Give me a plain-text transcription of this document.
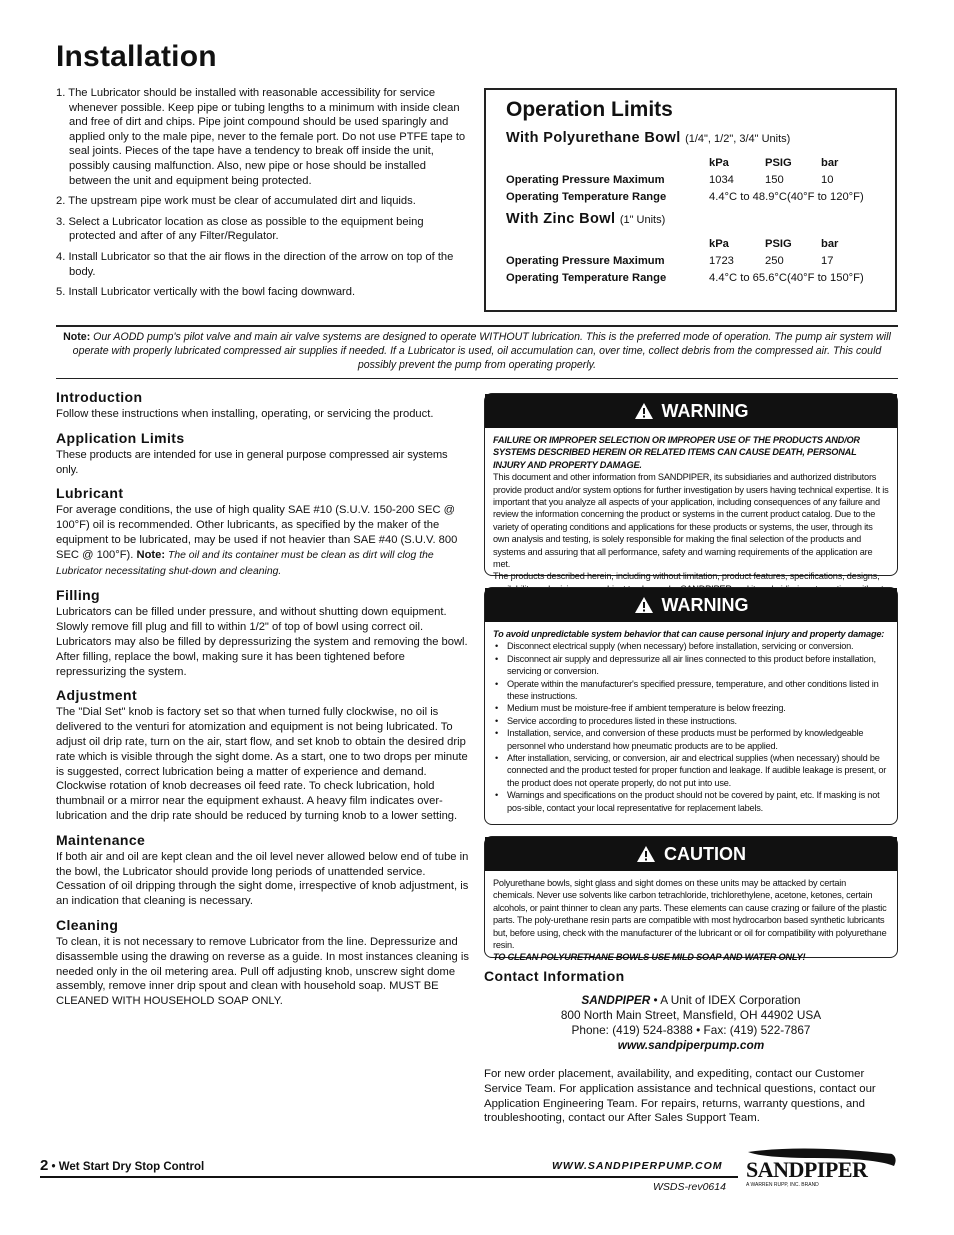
Installation
1. The Lubricator should be installed with reasonable accessibility for service whenever possible. Keep pipe or tubing lengths to a minimum with inside clean and free of dirt and chips. Pipe joint compound should be used sparingly and applied only to the male pipe, never to the female port. Do not use PTFE tape to seal joints. Pieces of the tape have a tendency to break off inside the unit, possibly causing malfunction. Also, new pipe or hose should be installed between the unit and equipment being protected.
2. The upstream pipe work must be clear of accumulated dirt and liquids.
3. Select a Lubricator location as close as possible to the equipment being protected and after of any Filter/Regulator.
4. Install Lubricator so that the air flows in the direction of the arrow on top of the body.
5. Install Lubricator vertically with the bowl facing downward.
Operation Limits
With Polyurethane Bowl (1/4", 1/2", 3/4" Units)
	kPa	PSIG	bar
Operating Pressure Maximum	1034	150	10
Operating Temperature Range	4.4°C to 48.9°C(40°F to 120°F)		
With Zinc Bowl (1" Units)
	kPa	PSIG	bar
Operating Pressure Maximum	1723	250	17
Operating Temperature Range	4.4°C to 65.6°C(40°F to 150°F)		

Note: Our AODD pump's pilot valve and main air valve systems are designed to operate WITHOUT lubrication. This is the preferred mode of operation. The pump air system will operate with properly lubricated compressed air supplies if needed. If a Lubricator is used, oil accumulation can, over time, collect debris from the compressed air. This could possibly prevent the pump from operating properly.

Introduction

Follow these instructions when installing, operating, or servicing the product.

Application Limits

These products are intended for use in general purpose compressed air systems only.

Lubricant

For average conditions, the use of high quality SAE #10 (S.U.V. 150-200 SEC @ 100°F) oil is recommended. Other lubricants, as specified by the maker of the equipment to be lubricated, may be used if not heavier than SAE #40 (S.U.V. 800 SEC @ 100°F). Note: The oil and its container must be clean as dirt will clog the Lubricator necessitating shut-down and cleaning.

Filling

Lubricators can be filled under pressure, and without shutting down equipment. Slowly remove fill plug and fill to within 1/2" of top of bowl using correct oil. Lubricators may also be filled by depressurizing the system and removing the bowl. After filling, replace the bowl, making sure it has been tightened before repressurizing the system.

Adjustment

The "Dial Set" knob is factory set so that when turned fully clockwise, no oil is delivered to the venturi for atomization and equipment is not being lubricated. To adjust oil drip rate, turn on the air, start flow, and set knob to obtain the desired drip rate which is visible through the sight dome. As a start, one to two drops per minute is suggested, correct lubrication being a matter of experience and demand. Clockwise rotation of knob decreases oil feed rate. To check lubrication, hold thumbnail or a mirror near the equipment exhaust. A heavy film indicates over-lubrication and the drip rate should be reduced by turning knob to a lower setting.

Maintenance

If both air and oil are kept clean and the oil level never allowed below end of tube in the bowl, the Lubricator should provide long periods of unattended service. Cessation of oil dripping through the sight dome, irrespective of knob adjustment, is an indication that cleaning is necessary.

Cleaning

To clean, it is not necessary to remove Lubricator from the line. Depressurize and disassemble using the drawing on reverse as a guide. In most instances cleaning is needed only in the oil metering area. Pull off adjusting knob, unscrew sight dome assembly, remove inner drip spout and clean with household soap. MUST BE CLEANED WITH HOUSEHOLD SOAP ONLY.

WARNING

FAILURE OR IMPROPER SELECTION OR IMPROPER USE OF THE PRODUCTS AND/OR SYSTEMS DESCRIBED HEREIN OR RELATED ITEMS CAN CAUSE DEATH, PERSONAL INJURY AND PROPERTY DAMAGE.

This document and other information from SANDPIPER, its subsidiaries and authorized distributors provide product and/or system options for further investigation by users having technical expertise. It is important that you analyze all aspects of your application, including consequences of any failure and review the information concerning the product or systems in the current product catalog. Due to the variety of operating conditions and applications for these products or systems, the user, through its own analysis and testing, is solely responsible for making the final selection of the products and systems and assuring that all performance, safety and warning requirements of the application are met.

The products described herein, including without limitation, product features, specifications, designs,

WARNING

To avoid unpredictable system behavior that can cause personal injury and property damage:

• Disconnect electrical supply (when necessary) before installation, servicing or conversion.
• Disconnect air supply and depressurize all air lines connected to this product before installation, servicing or conversion.
• Operate within the manufacturer's specified pressure, temperature, and other conditions listed in these instructions.
• Medium must be moisture-free if ambient temperature is below freezing.
• Service according to procedures listed in these instructions.
• Installation, service, and conversion of these products must be performed by knowledgeable personnel who understand how pneumatic products are to be applied.
• After installation, servicing, or conversion, air and electrical supplies (when necessary) should be connected and the product tested for proper function and leakage. If audible leakage is present, or the product does not operate properly, do not put into use.
• Warnings and specifications on the product should not be covered by paint, etc. If masking is not pos-sible, contact your local representative for replacement labels.
CAUTION

Polyurethane bowls, sight glass and sight domes on these units may be attacked by certain chemicals. Never use solvents like carbon tetrachloride, trichlorethylene, acetone, ketones, certain alcohols, or paint thinner to clean any parts. These elements can cause crazing or failure of the plastic parts. The poly-urethane resin parts are compatible with most hydrocarbon based synthetic lubricants but, before using, check with the manufacturer of the lubricant or oil for compatibility with polyurethane resin.

TO CLEAN POLYURETHANE BOWLS USE MILD SOAP AND WATER ONLY!

Contact Information
SANDPIPER • A Unit of IDEX Corporation
800 North Main Street, Mansfield, OH 44902 USA
Phone: (419) 524-8388 • Fax: (419) 522-7867
www.sandpiperpump.com

For new order placement, availability, and expediting, contact our Customer Service Team. For application assistance and technical questions, contact our Application Engineering Team. For repairs, returns, warranty questions, and troubleshooting, contact our After Sales Support Team.

2 • Wet Start Dry Stop Control	WWW.SANDPIPERPUMP.COM
WSDS-rev0614
SANDPIPER
A WARREN RUPP, INC. BRAND
